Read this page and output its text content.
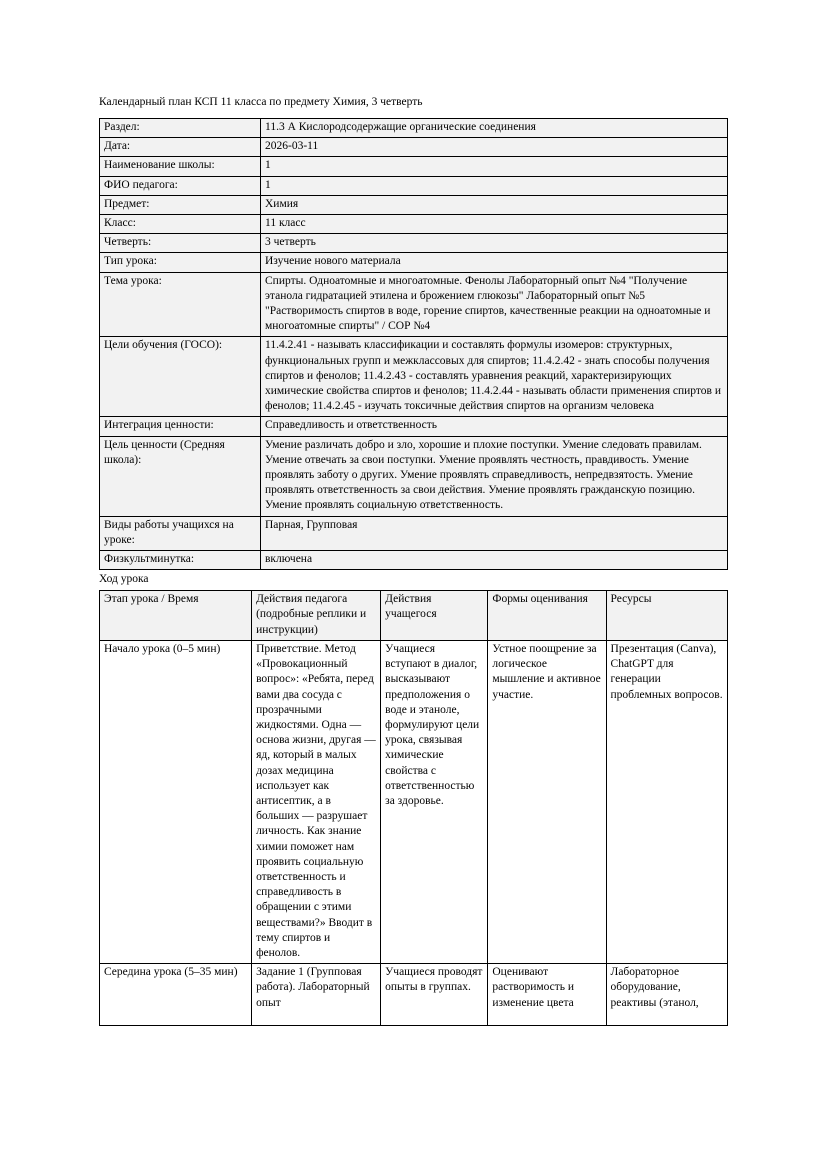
Календарный план КСП 11 класса по предмету Химия, 3 четверть

Раздел:	11.3 А Кислородсодержащие органические соединения
Дата:	2026-03-11
Наименование школы:	1
ФИО педагога:	1
Предмет:	Химия
Класс:	11 класс
Четверть:	3 четверть
Тип урока:	Изучение нового материала
Тема урока:	Спирты. Одноатомные и многоатомные. Фенолы Лабораторный опыт №4 "Получение этанола гидратацией этилена и брожением глюкозы" Лабораторный опыт №5 "Растворимость спиртов в воде, горение спиртов, качественные реакции на одноатомные и многоатомные спирты" / СОР №4
Цели обучения (ГОСО):	11.4.2.41 - называть классификации и составлять формулы изомеров: структурных, функциональных групп и межклассовых для спиртов; 11.4.2.42 - знать способы получения спиртов и фенолов; 11.4.2.43 - составлять уравнения реакций, характеризирующих химические свойства спиртов и фенолов; 11.4.2.44 - называть области применения спиртов и фенолов; 11.4.2.45 - изучать токсичные действия спиртов на организм человека
Интеграция ценности:	Справедливость и ответственность
Цель ценности (Средняя школа):	Умение различать добро и зло, хорошие и плохие поступки. Умение следовать правилам. Умение отвечать за свои поступки. Умение проявлять честность, правдивость. Умение проявлять заботу о других. Умение проявлять справедливость, непредвзятость. Умение проявлять ответственность за свои действия. Умение проявлять гражданскую позицию. Умение проявлять социальную ответственность.
Виды работы учащихся на уроке:	Парная, Групповая
Физкультминутка:	включена

Ход урока

Этап урока / Время	Действия педагога (подробные реплики и инструкции)	Действия учащегося	Формы оценивания	Ресурсы
Начало урока (0–5 мин)	Приветствие. Метод «Провокационный вопрос»: «Ребята, перед вами два сосуда с прозрачными жидкостями. Одна — основа жизни, другая — яд, который в малых дозах медицина использует как антисептик, а в больших — разрушает личность. Как знание химии поможет нам проявить социальную ответственность и справедливость в обращении с этими веществами?» Вводит в тему спиртов и фенолов.	Учащиеся вступают в диалог, высказывают предположения о воде и этаноле, формулируют цели урока, связывая химические свойства с ответственностью за здоровье.	Устное поощрение за логическое мышление и активное участие.	Презентация (Canva), ChatGPT для генерации проблемных вопросов.
Середина урока (5–35 мин)	Задание 1 (Групповая работа). Лабораторный опыт	Учащиеся проводят опыты в группах.	Оценивают растворимость и изменение цвета	Лабораторное оборудование, реактивы (этанол,
